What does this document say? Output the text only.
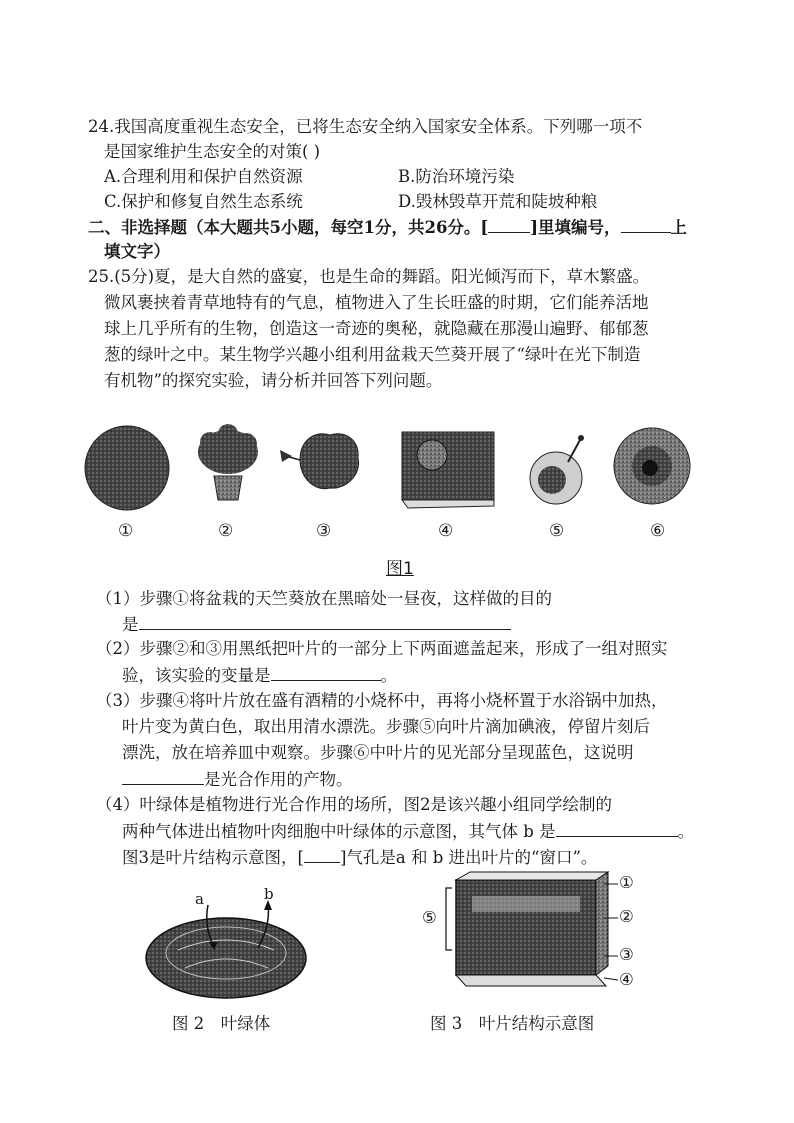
24.我国高度重视生态安全，已将生态安全纳入国家安全体系。下列哪一项不
是国家维护生态安全的对策( )
A.合理利用和保护自然资源	B.防治环境污染
C.保护和修复自然生态系统	D.毁林毁草开荒和陡坡种粮
二、非选择题（本大题共5小题，每空1分，共26分。[	]里填编号，	上
填文字）
25.(5分)夏，是大自然的盛宴，也是生命的舞蹈。阳光倾泻而下，草木繁盛。
微风裹挟着青草地特有的气息，植物进入了生长旺盛的时期，它们能养活地
球上几乎所有的生物，创造这一奇迹的奥秘，就隐藏在那漫山遍野、郁郁葱
葱的绿叶之中。某生物学兴趣小组利用盆栽天竺葵开展了“绿叶在光下制造
有机物”的探究实验，请分析并回答下列问题。
①	②	③	④	⑤	⑥
图1
（1）步骤①将盆栽的天竺葵放在黑暗处一昼夜，这样做的目的
是
（2）步骤②和③用黑纸把叶片的一部分上下两面遮盖起来，形成了一组对照实
验，该实验的变量是	。
（3）步骤④将叶片放在盛有酒精的小烧杯中，再将小烧杯置于水浴锅中加热，
叶片变为黄白色，取出用清水漂洗。步骤⑤向叶片滴加碘液，停留片刻后
漂洗，放在培养皿中观察。步骤⑥中叶片的见光部分呈现蓝色，这说明
是光合作用的产物。
（4）叶绿体是植物进行光合作用的场所，图2是该兴趣小组同学绘制的
两种气体进出植物叶肉细胞中叶绿体的示意图，其气体 b 是	。
图3是叶片结构示意图，[ ]气孔是a 和 b 进出叶片的“窗口”。
a	b
图 2　叶绿体
①
②
③
④
⑤
图 3　叶片结构示意图
